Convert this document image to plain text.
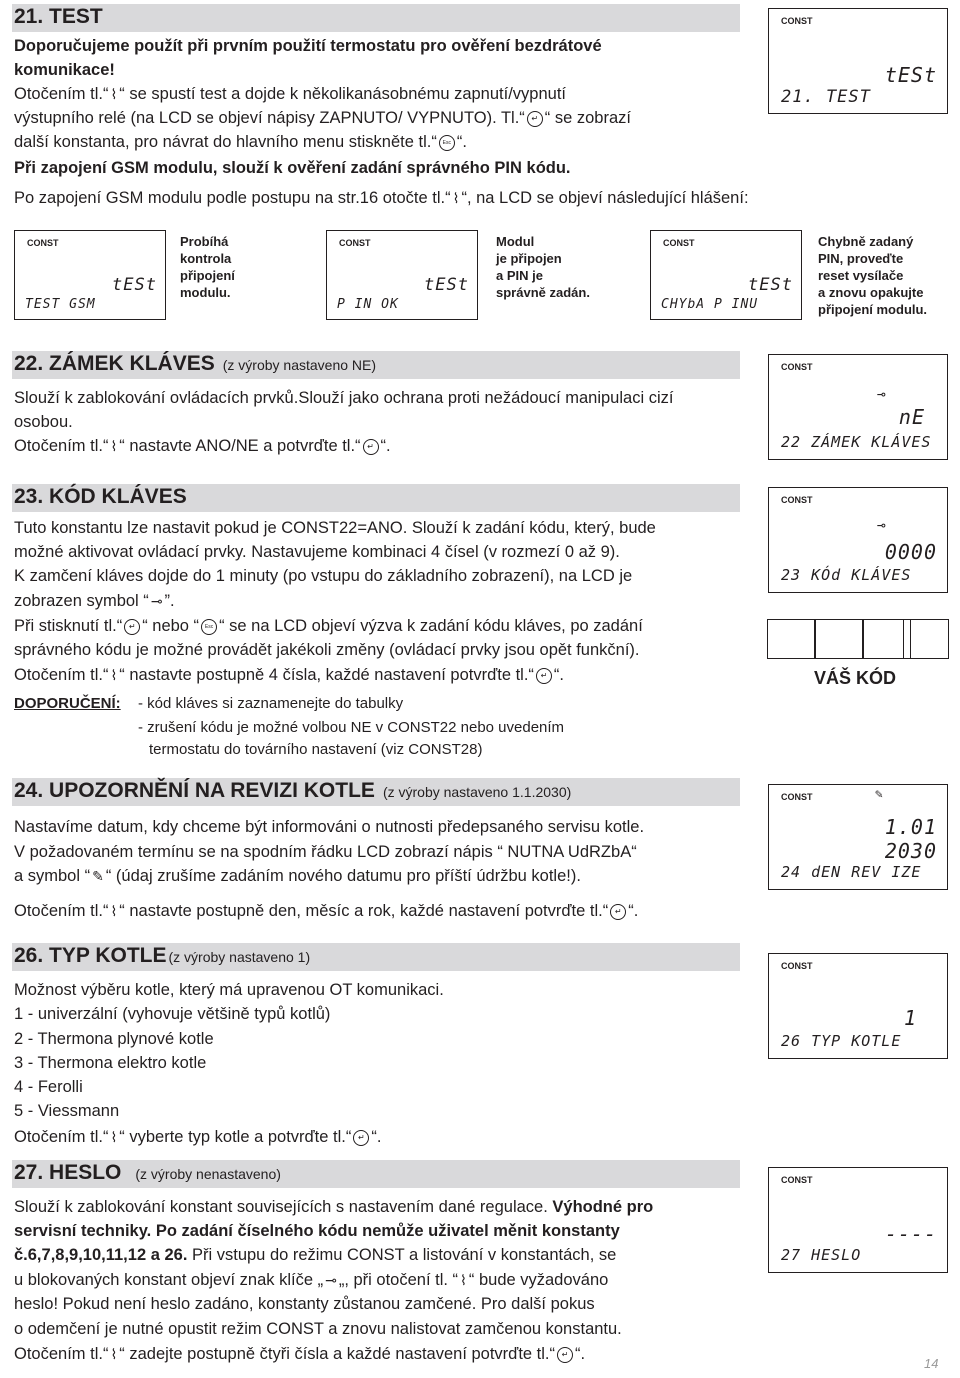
21. TEST
Doporučujeme použít při prvním použití termostatu pro ověření bezdrátové
komunikace!
Otočením tl.“ ⌇ “ se spustí test a dojde k několikanásobnému zapnutí/vypnutí
výstupního relé (na LCD se objeví nápisy ZAPNUTO/ VYPNUTO). Tl.“ ↵ “ se zobrazí
další konstanta, pro návrat do hlavního menu stiskněte tl.“ Esc “.
Při zapojení GSM modulu, slouží k ověření zadání správného PIN kódu.
Po zapojení GSM modulu podle postupu na str.16 otočte tl.“ ⌇ “, na LCD se objeví následující hlášení:
CONST
tESt
21. TEST
CONST
tESt
TEST GSM
Probíhá
kontrola
připojení
modulu.
CONST
tESt
P IN OK
Modul
je připojen
a PIN je
správně zadán.
CONST
tESt
CHYbA P INU
Chybně zadaný
PIN, proveďte
reset vysílače
a znovu opakujte
připojení modulu.
22. ZÁMEK KLÁVES (z výroby nastaveno NE)
Slouží k zablokování ovládacích prvků.Slouží jako ochrana proti nežádoucí manipulaci cizí
osobou.
Otočením tl.“ ⌇ “ nastavte ANO/NE a potvrďte tl.“ ↵ “.
CONST
⊸
nE
22 ZÁMEK KLÁVES
23. KÓD KLÁVES
Tuto konstantu lze nastavit pokud je CONST22=ANO. Slouží k zadání kódu, který, bude
možné aktivovat ovládací prvky. Nastavujeme kombinaci 4 čísel (v rozmezí 0 až 9).
K zamčení kláves dojde do 1 minuty (po vstupu do základního zobrazení), na LCD je
zobrazen symbol “ ⊸ ”.
Při stisknutí tl.“ ↵ “ nebo “ Esc “ se na LCD objeví výzva k zadání kódu kláves, po zadání
správného kódu je možné provádět jakékoli změny (ovládací prvky jsou opět funkční).
Otočením tl.“ ⌇ “ nastavte postupně 4 čísla, každé nastavení potvrďte tl.“ ↵ “.
DOPORUČENÍ: - kód kláves si zaznamenejte do tabulky
- zrušení kódu je možné volbou NE v CONST22 nebo uvedením
termostatu do továrního nastavení (viz CONST28)
CONST
⊸
0000
23 KÓd KLÁVES
VÁŠ KÓD
24. UPOZORNĚNÍ NA REVIZI KOTLE (z výroby nastaveno 1.1.2030)
Nastavíme datum, kdy chceme být informováni o nutnosti předepsaného servisu kotle.
V požadovaném termínu se na spodním řádku LCD zobrazí nápis “ NUTNA UdRZbA“
a symbol “ ✎ “ (údaj zrušíme zadáním nového datumu pro příští údržbu kotle!).
Otočením tl.“ ⌇ “ nastavte postupně den, měsíc a rok, každé nastavení potvrďte tl.“ ↵ “.
CONST	✎
1.01
2030
24 dEN REV IZE
26. TYP KOTLE (z výroby nastaveno 1)
Možnost výběru kotle, který má upravenou OT komunikaci.
1 - univerzální (vyhovuje většině typů kotlů)
2 - Thermona plynové kotle
3 - Thermona elektro kotle
4 - Ferolli
5 - Viessmann
Otočením tl.“ ⌇ “ vyberte typ kotle a potvrďte tl.“ ↵ “.
CONST
1
26 TYP KOTLE
27. HESLO (z výroby nenastaveno)
Slouží k zablokování konstant souvisejících s nastavením dané regulace. Výhodné pro
servisní techniky. Po zadání číselného kódu nemůže uživatel měnit konstanty
č.6,7,8,9,10,11,12 a 26. Při vstupu do režimu CONST a listování v konstantách, se
u blokovaných konstant objeví znak klíče „ ⊸ „, při otočení tl. “ ⌇ “ bude vyžadováno
heslo! Pokud není heslo zadáno, konstanty zůstanou zamčené. Pro další pokus
o odemčení je nutné opustit režim CONST a znovu nalistovat zamčenou konstantu.
Otočením tl.“ ⌇ “ zadejte postupně čtyři čísla a každé nastavení potvrďte tl.“ ↵ “.
CONST
----
27 HESLO
14
